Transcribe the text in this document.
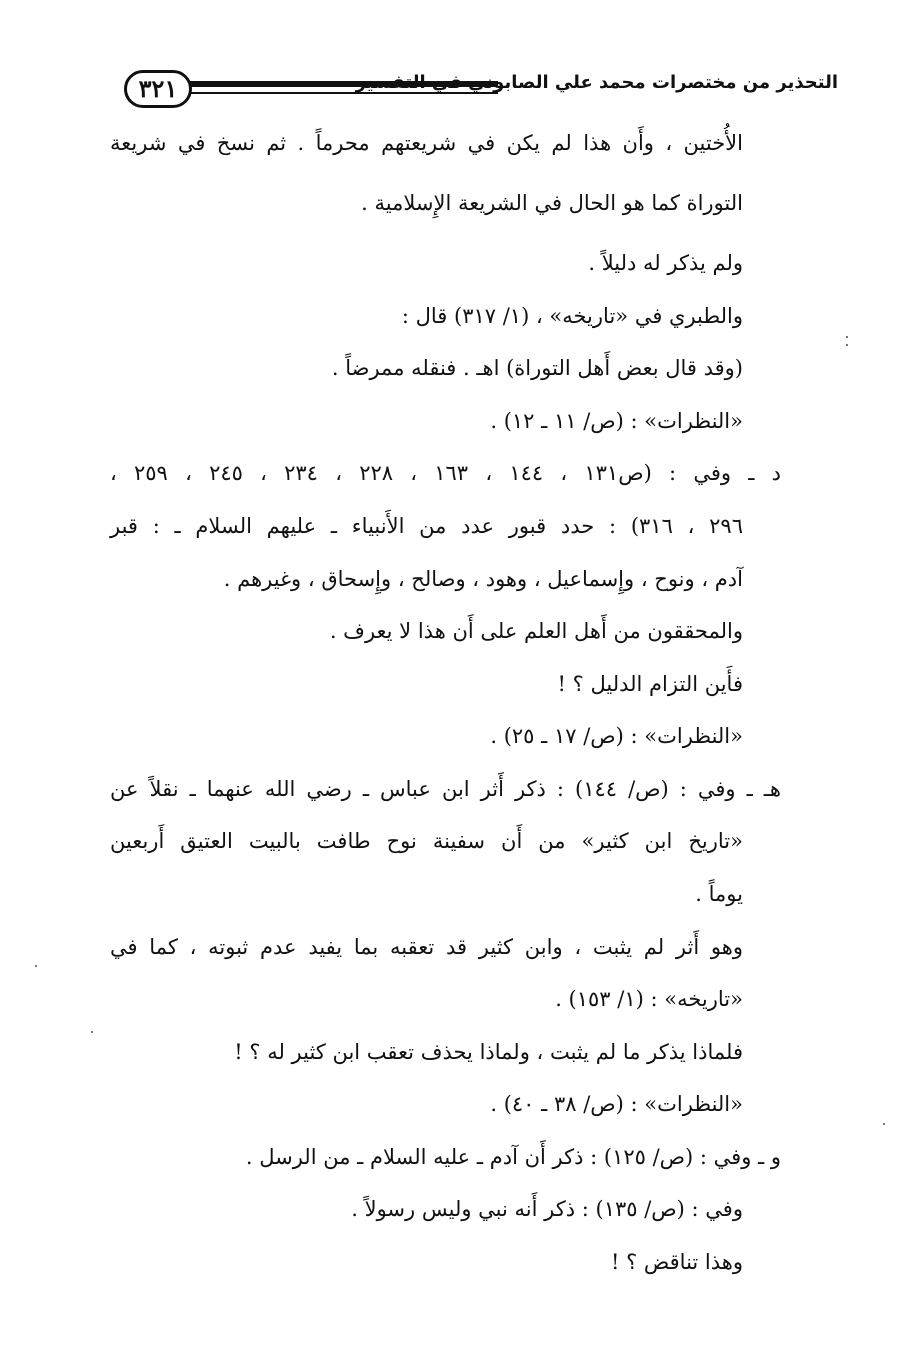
٣٢١	التحذير من مختصرات محمد علي الصابوني في التفسير
الأُختين ، وأَن هذا لم يكن في شريعتهم محرماً . ثم نسخ في شريعة
التوراة كما هو الحال في الشريعة الإِسلامية .
ولم يذكر له دليلاً .
والطبري في «تاريخه» ، (١/ ٣١٧) قال :
(وقد قال بعض أَهل التوراة) اهـ . فنقله ممرضاً .
«النظرات» : (ص/ ١١ ـ ١٢) .
د ـ وفي : (ص١٣١ ، ١٤٤ ، ١٦٣ ، ٢٢٨ ، ٢٣٤ ، ٢٤٥ ، ٢٥٩ ،
٢٩٦ ، ٣١٦) : حدد قبور عدد من الأَنبياء ـ عليهم السلام ـ : قبر
آدم ، ونوح ، وإِسماعيل ، وهود ، وصالح ، وإِسحاق ، وغيرهم .
والمحققون من أَهل العلم على أَن هذا لا يعرف .
فأَين التزام الدليل ؟ !
«النظرات» : (ص/ ١٧ ـ ٢٥) .
هـ ـ وفي : (ص/ ١٤٤) : ذكر أَثر ابن عباس ـ رضي الله عنهما ـ نقلاً عن
«تاريخ ابن كثير» من أَن سفينة نوح طافت بالبيت العتيق أَربعين
يوماً .
وهو أَثر لم يثبت ، وابن كثير قد تعقبه بما يفيد عدم ثبوته ، كما في
«تاريخه» : (١/ ١٥٣) .
فلماذا يذكر ما لم يثبت ، ولماذا يحذف تعقب ابن كثير له ؟ !
«النظرات» : (ص/ ٣٨ ـ ٤٠) .
و ـ وفي : (ص/ ١٢٥) : ذكر أَن آدم ـ عليه السلام ـ من الرسل .
وفي : (ص/ ١٣٥) : ذكر أَنه نبي وليس رسولاً .
وهذا تناقض ؟ !
